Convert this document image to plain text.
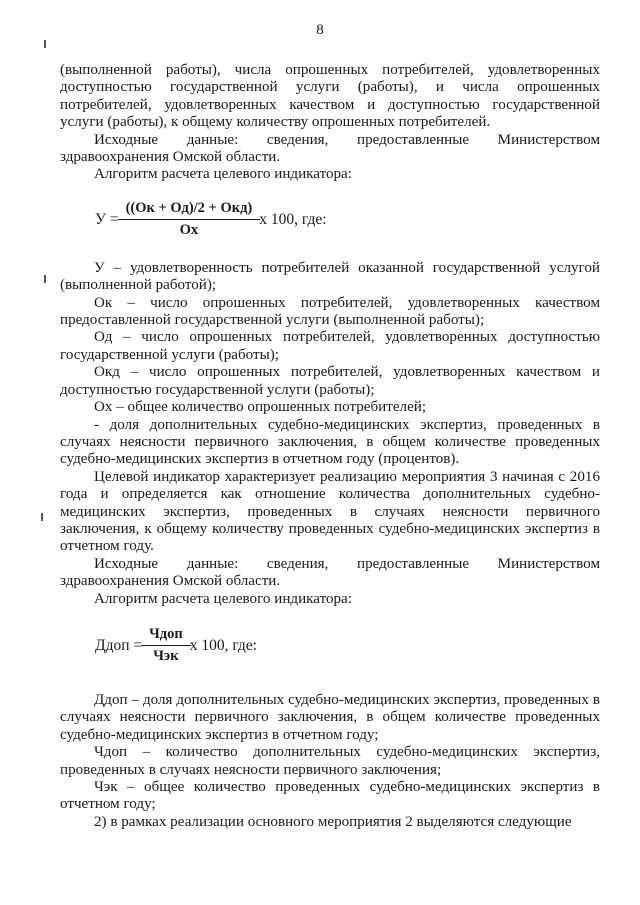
8

(выполненной работы), числа опрошенных потребителей, удовлетворенных доступностью государственной услуги (работы), и числа опрошенных потребителей, удовлетворенных качеством и доступностью государственной услуги (работы), к общему количеству опрошенных потребителей.

Исходные данные: сведения, предоставленные Министерством здравоохранения Омской области.

Алгоритм расчета целевого индикатора:

$У = \frac{\text{((Ок + Од)/2 + Окд)}}{Ох}$ x 100, где:

У – удовлетворенность потребителей оказанной государственной услугой (выполненной работой);

Ок – число опрошенных потребителей, удовлетворенных качеством предоставленной государственной услуги (выполненной работы);

Од – число опрошенных потребителей, удовлетворенных доступностью государственной услуги (работы);

Окд – число опрошенных потребителей, удовлетворенных качеством и доступностью государственной услуги (работы);

Ох – общее количество опрошенных потребителей;

- доля дополнительных судебно-медицинских экспертиз, проведенных в случаях неясности первичного заключения, в общем количестве проведенных судебно-медицинских экспертиз в отчетном году (процентов).

Целевой индикатор характеризует реализацию мероприятия 3 начиная с 2016 года и определяется как отношение количества дополнительных судебно-медицинских экспертиз, проведенных в случаях неясности первичного заключения, к общему количеству проведенных судебно-медицинских экспертиз в отчетном году.

Исходные данные: сведения, предоставленные Министерством здравоохранения Омской области.

Алгоритм расчета целевого индикатора:

Ддоп = $\frac{\text{Чдоп}}{\text{Чэк}}$ x 100, где:

Ддоп – доля дополнительных судебно-медицинских экспертиз, проведенных в случаях неясности первичного заключения, в общем количестве проведенных судебно-медицинских экспертиз в отчетном году;

Чдоп – количество дополнительных судебно-медицинских экспертиз, проведенных в случаях неясности первичного заключения;

Чэк – общее количество проведенных судебно-медицинских экспертиз в отчетном году;

2) в рамках реализации основного мероприятия 2 выделяются следующие
